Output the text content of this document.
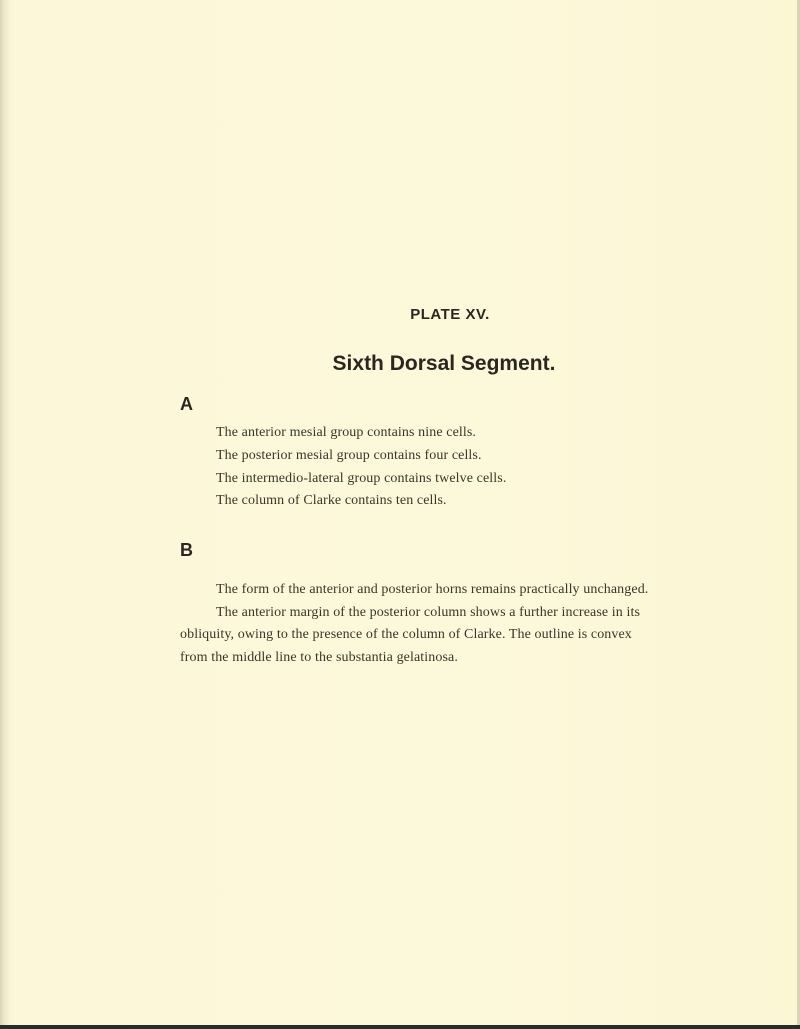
PLATE XV.
Sixth Dorsal Segment.
A
The anterior mesial group contains nine cells.
The posterior mesial group contains four cells.
The intermedio-lateral group contains twelve cells.
The column of Clarke contains ten cells.
B
The form of the anterior and posterior horns remains practically unchanged.
The anterior margin of the posterior column shows a further increase in its
obliquity, owing to the presence of the column of Clarke. The outline is convex
from the middle line to the substantia gelatinosa.
